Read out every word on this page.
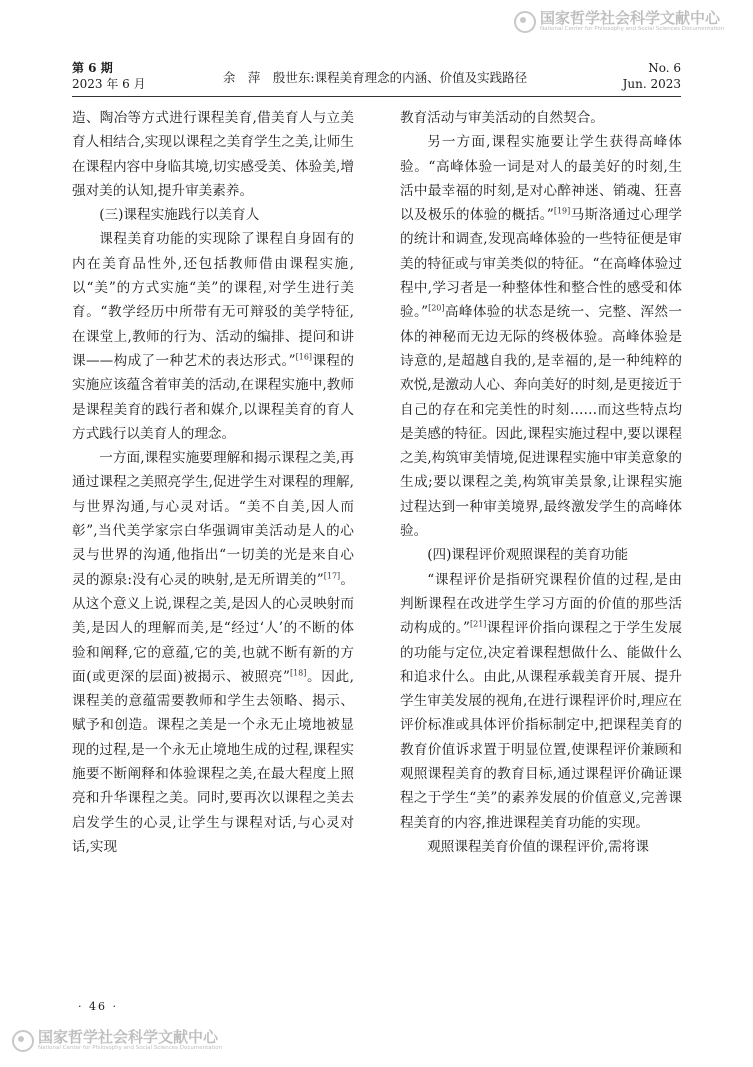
国家哲学社会科学文献中心
National Center for Philosophy and Social Sciences Documentation
第 6 期
2023 年 6 月	余　萍　殷世东:课程美育理念的内涵、价值及实践路径
No. 6
Jun. 2023

造、陶冶等方式进行课程美育,借美育人与立美育人相结合,实现以课程之美育学生之美,让师生在课程内容中身临其境,切实感受美、体验美,增强对美的认知,提升审美素养。

(三)课程实施践行以美育人

课程美育功能的实现除了课程自身固有的内在美育品性外,还包括教师借由课程实施,以“美”的方式实施“美”的课程,对学生进行美育。“教学经历中所带有无可辩驳的美学特征,在课堂上,教师的行为、活动的编排、提问和讲课——构成了一种艺术的表达形式。”[16]课程的实施应该蕴含着审美的活动,在课程实施中,教师是课程美育的践行者和媒介,以课程美育的育人方式践行以美育人的理念。

一方面,课程实施要理解和揭示课程之美,再通过课程之美照亮学生,促进学生对课程的理解,与世界沟通,与心灵对话。“美不自美,因人而彰”,当代美学家宗白华强调审美活动是人的心灵与世界的沟通,他指出“一切美的光是来自心灵的源泉:没有心灵的映射,是无所谓美的”[17]。从这个意义上说,课程之美,是因人的心灵映射而美,是因人的理解而美,是“经过‘人’的不断的体验和阐释,它的意蕴,它的美,也就不断有新的方面(或更深的层面)被揭示、被照亮”[18]。因此,课程美的意蕴需要教师和学生去领略、揭示、赋予和创造。课程之美是一个永无止境地被显现的过程,是一个永无止境地生成的过程,课程实施要不断阐释和体验课程之美,在最大程度上照亮和升华课程之美。同时,要再次以课程之美去启发学生的心灵,让学生与课程对话,与心灵对话,实现

教育活动与审美活动的自然契合。

另一方面,课程实施要让学生获得高峰体验。“高峰体验一词是对人的最美好的时刻,生活中最幸福的时刻,是对心醉神迷、销魂、狂喜以及极乐的体验的概括。”[19]马斯洛通过心理学的统计和调查,发现高峰体验的一些特征便是审美的特征或与审美类似的特征。“在高峰体验过程中,学习者是一种整体性和整合性的感受和体验。”[20]高峰体验的状态是统一、完整、浑然一体的神秘而无边无际的终极体验。高峰体验是诗意的,是超越自我的,是幸福的,是一种纯粹的欢悦,是激动人心、奔向美好的时刻,是更接近于自己的存在和完美性的时刻……而这些特点均是美感的特征。因此,课程实施过程中,要以课程之美,构筑审美情境,促进课程实施中审美意象的生成;要以课程之美,构筑审美景象,让课程实施过程达到一种审美境界,最终激发学生的高峰体验。

(四)课程评价观照课程的美育功能

“课程评价是指研究课程价值的过程,是由判断课程在改进学生学习方面的价值的那些活动构成的。”[21]课程评价指向课程之于学生发展的功能与定位,决定着课程想做什么、能做什么和追求什么。由此,从课程承载美育开展、提升学生审美发展的视角,在进行课程评价时,理应在评价标准或具体评价指标制定中,把课程美育的教育价值诉求置于明显位置,使课程评价兼顾和观照课程美育的教育目标,通过课程评价确证课程之于学生“美”的素养发展的价值意义,完善课程美育的内容,推进课程美育功能的实现。

观照课程美育价值的课程评价,需将课

· 46 ·
国家哲学社会科学文献中心
National Center for Philosophy and Social Sciences Documentation
